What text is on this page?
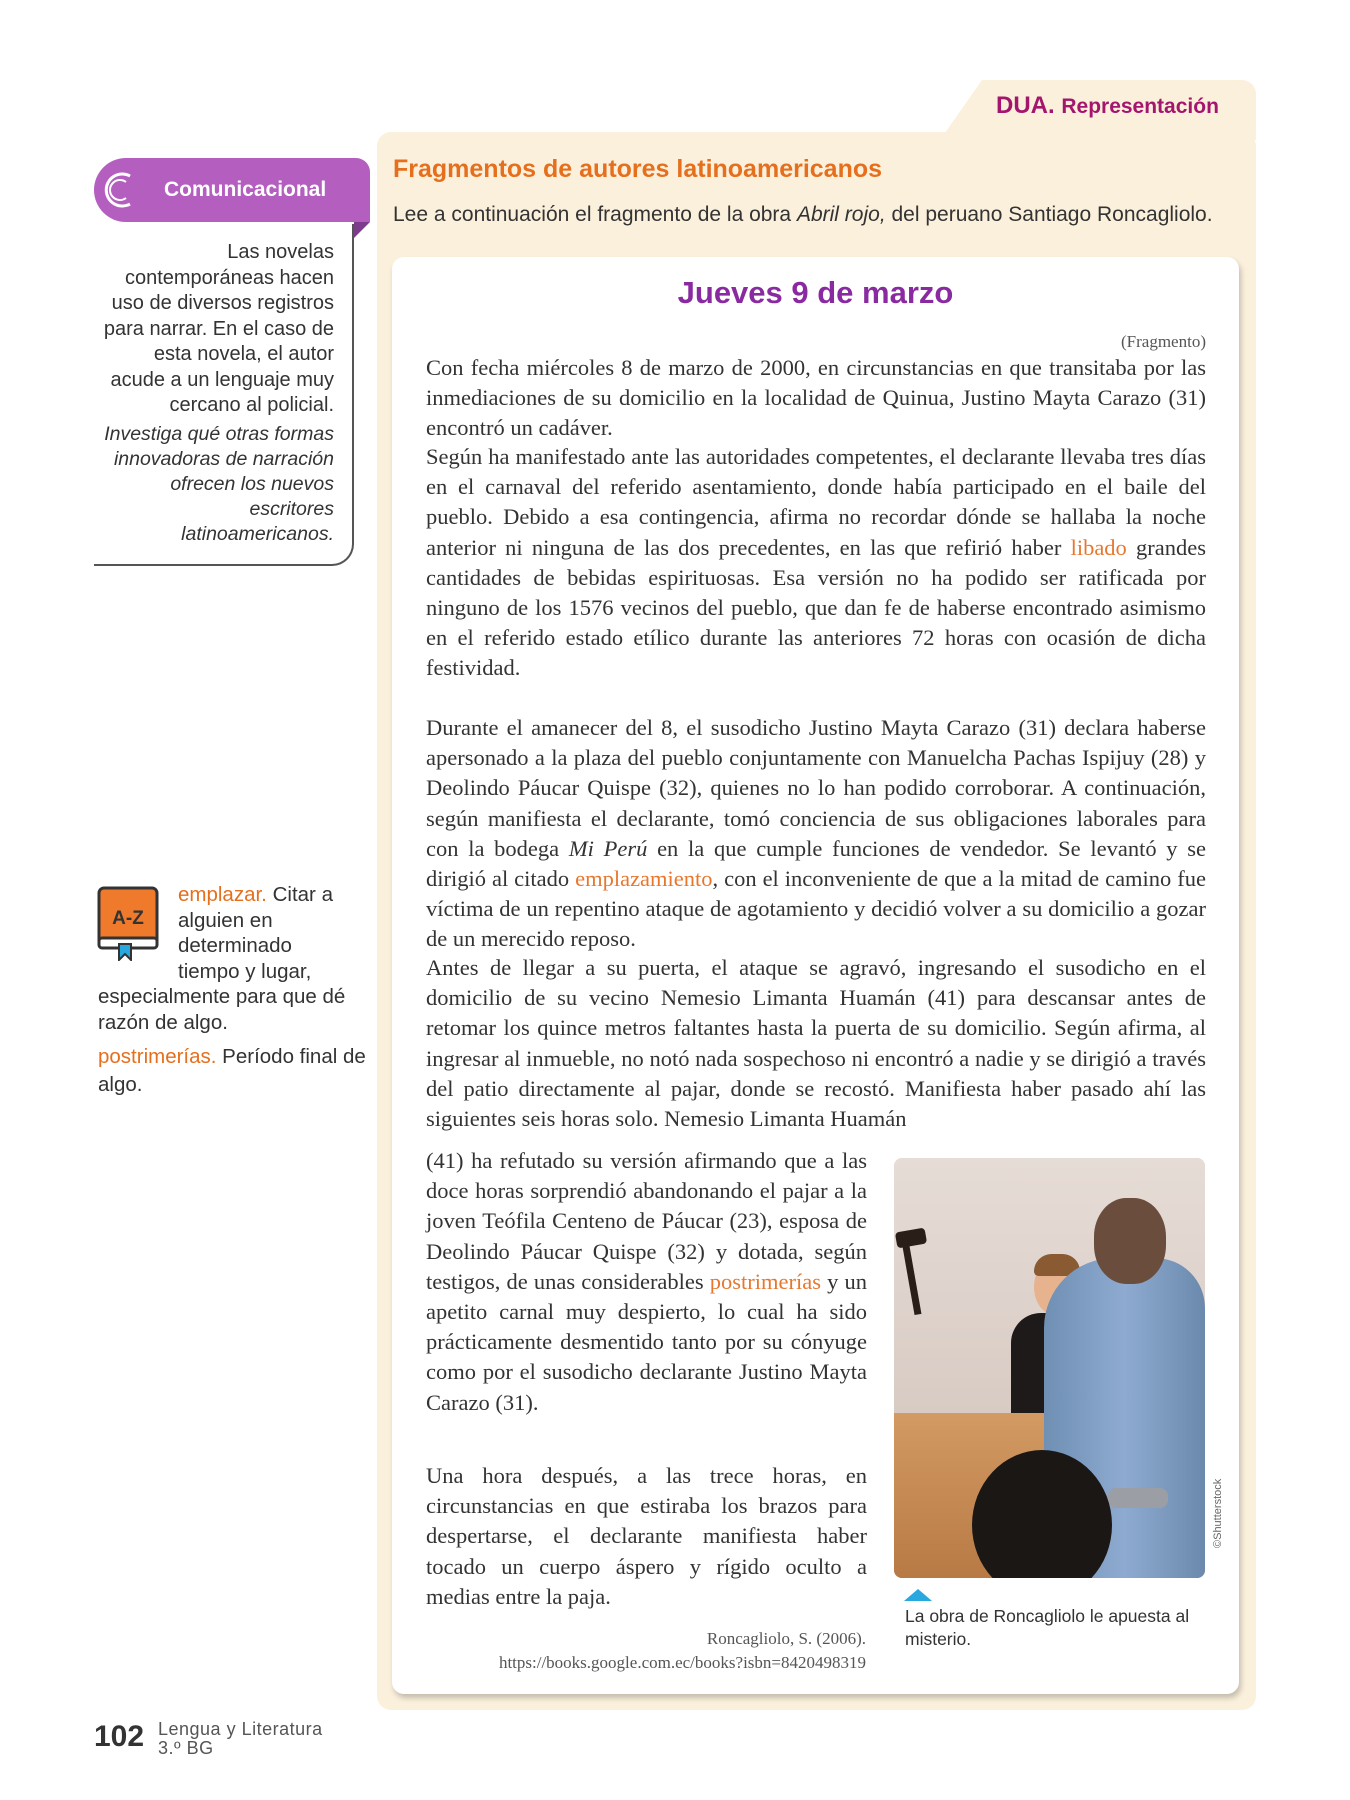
DUA. Representación
Fragmentos de autores latinoamericanos
Lee a continuación el fragmento de la obra Abril rojo, del peruano Santiago Roncagliolo.
Jueves 9 de marzo
(Fragmento)

Con fecha miércoles 8 de marzo de 2000, en circunstancias en que transitaba por las inmediaciones de su domicilio en la localidad de Quinua, Justino Mayta Carazo (31) encontró un cadáver.

Según ha manifestado ante las autoridades competentes, el declarante llevaba tres días en el carnaval del referido asentamiento, donde había participado en el baile del pueblo. Debido a esa contingencia, afirma no recordar dónde se hallaba la noche anterior ni ninguna de las dos precedentes, en las que refirió haber libado grandes cantidades de bebidas espirituosas. Esa versión no ha podido ser ratificada por ninguno de los 1576 vecinos del pueblo, que dan fe de haberse encontrado asimismo en el referido estado etílico durante las anteriores 72 horas con ocasión de dicha festividad.

Durante el amanecer del 8, el susodicho Justino Mayta Carazo (31) declara haberse apersonado a la plaza del pueblo conjuntamente con Manuelcha Pachas Ispijuy (28) y Deolindo Páucar Quispe (32), quienes no lo han podido corroborar. A continuación, según manifiesta el declarante, tomó conciencia de sus obligaciones laborales para con la bodega Mi Perú en la que cumple funciones de vendedor. Se levantó y se dirigió al citado emplazamiento, con el inconveniente de que a la mitad de camino fue víctima de un repentino ataque de agotamiento y decidió volver a su domicilio a gozar de un merecido reposo.

Antes de llegar a su puerta, el ataque se agravó, ingresando el susodicho en el domicilio de su vecino Nemesio Limanta Huamán (41) para descansar antes de retomar los quince metros faltantes hasta la puerta de su domicilio. Según afirma, al ingresar al inmueble, no notó nada sospechoso ni encontró a nadie y se dirigió a través del patio directamente al pajar, donde se recostó. Manifiesta haber pasado ahí las siguientes seis horas solo. Nemesio Limanta Huamán

(41) ha refutado su versión afirmando que a las doce horas sorprendió abandonando el pajar a la joven Teófila Centeno de Páucar (23), esposa de Deolindo Páucar Quispe (32) y dotada, según testigos, de unas considerables postrimerías y un apetito carnal muy despierto, lo cual ha sido prácticamente desmentido tanto por su cónyuge como por el susodicho declarante Justino Mayta Carazo (31).

Una hora después, a las trece horas, en circunstancias en que estiraba los brazos para despertarse, el declarante manifiesta haber tocado un cuerpo áspero y rígido oculto a medias entre la paja.

Roncagliolo, S. (2006).
https://books.google.com.ec/books?isbn=8420498319
©Shutterstock
La obra de Roncagliolo le apuesta al misterio.
Comunicacional
Las novelas contemporáneas hacen uso de diversos registros para narrar. En el caso de esta novela, el autor acude a un lenguaje muy cercano al policial.
Investiga qué otras formas innovadoras de narración ofrecen los nuevos escritores latinoamericanos.
A-Z
emplazar. Citar a alguien en determinado tiempo y lugar,
especialmente para que dé razón de algo.
postrimerías. Período final de algo.
102 Lengua y Literatura
3.º BG
